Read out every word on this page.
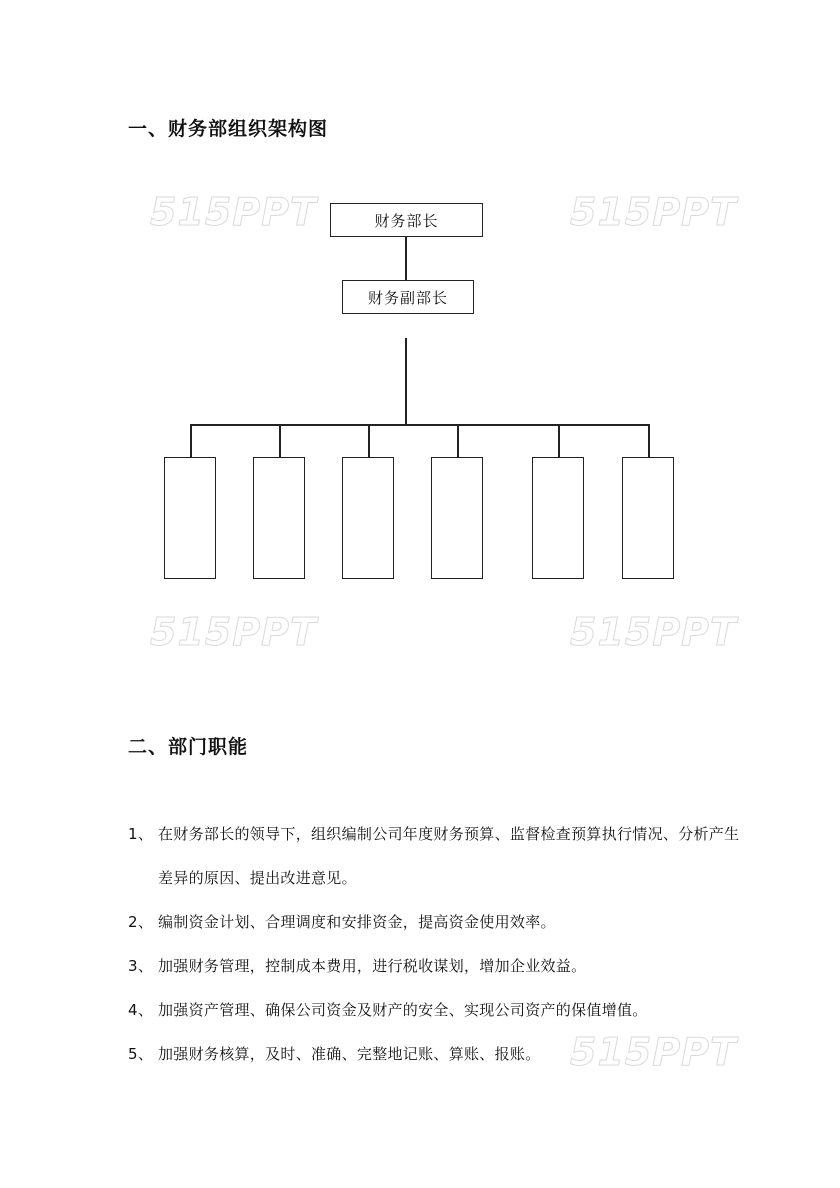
515PPT	515PPT
515PPT	515PPT
515PPT
一、财务部组织架构图
财务部长
财务副部长
二、部门职能
1、 在财务部长的领导下，组织编制公司年度财务预算、监督检查预算执行情况、分析产生差异的原因、提出改进意见。
2、 编制资金计划、合理调度和安排资金，提高资金使用效率。
3、 加强财务管理，控制成本费用，进行税收谋划，增加企业效益。
4、 加强资产管理、确保公司资金及财产的安全、实现公司资产的保值增值。
5、 加强财务核算，及时、准确、完整地记账、算账、报账。
